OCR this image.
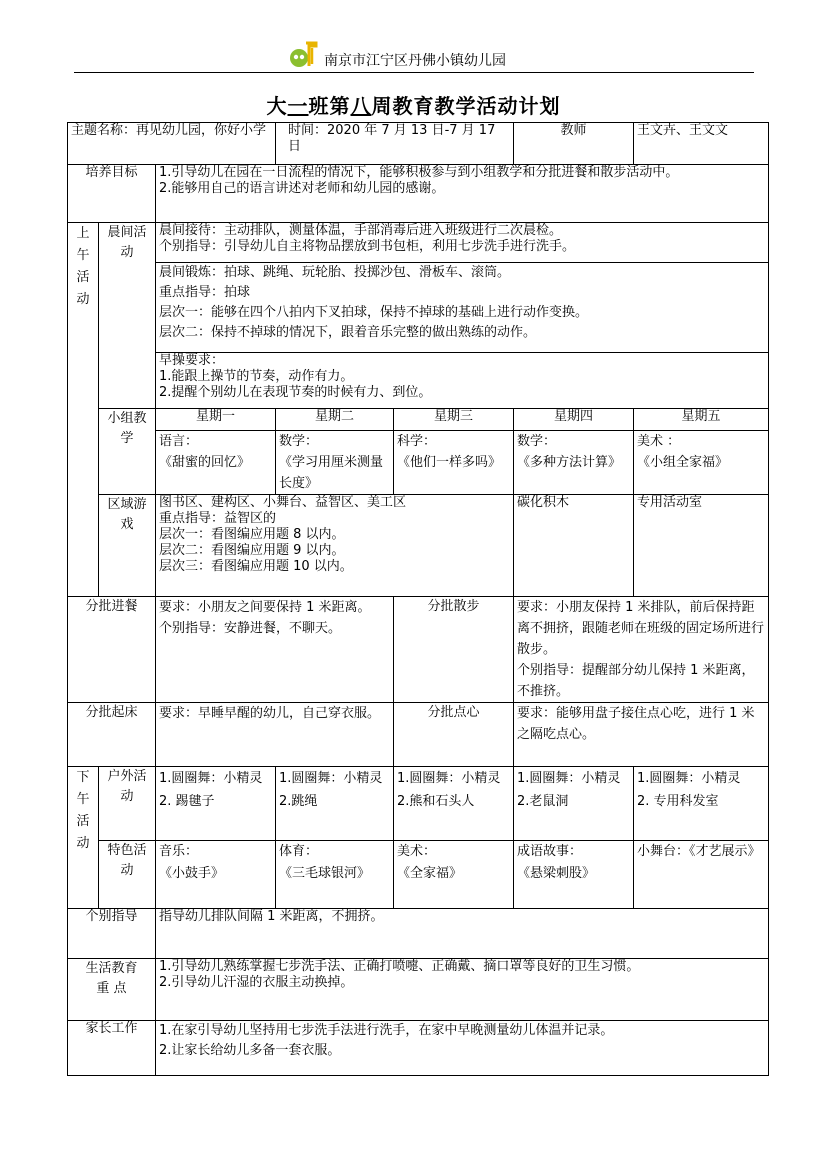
南京市江宁区丹佛小镇幼儿园
大一班第八周教育教学活动计划
主题名称：再见幼儿园，你好小学			时间：2020 年 7 月 13 日-7 月 17 日		教师	王文卉、王文文
培养目标		1.引导幼儿在园在一日流程的情况下，能够积极参与到小组教学和分批进餐和散步活动中。
2.能够用自己的语言讲述对老师和幼儿园的感谢。				

上午活动	晨间活动	晨间接待：主动排队，测量体温，手部消毒后进入班级进行二次晨检。
个别指导：引导幼儿自主将物品摆放到书包柜，利用七步洗手进行洗手。				

		晨间锻炼：拍球、跳绳、玩轮胎、投掷沙包、滑板车、滚筒。
重点指导：拍球
层次一：能够在四个八拍内下叉拍球，保持不掉球的基础上进行动作变换。
层次二：保持不掉球的情况下，跟着音乐完整的做出熟练的动作。				

		早操要求：
1.能跟上操节的节奏，动作有力。
2.提醒个别幼儿在表现节奏的时候有力、到位。				

	小组教学	星期一	星期二	星期三	星期四	星期五

		语言：
《甜蜜的回忆》	数学：
《学习用厘米测量长度》	科学：
《他们一样多吗》	数学：
《多种方法计算》	美术 ：
《小组全家福》

	区域游戏	图书区、建构区、小舞台、益智区、美工区
重点指导：益智区的
层次一：看图编应用题 8 以内。
层次二：看图编应用题 9 以内。
层次三：看图编应用题 10 以内。			碳化积木	专用活动室
分批进餐		要求：小朋友之间要保持 1 米距离。
个别指导：安静进餐，不聊天。		分批散步	要求：小朋友保持 1 米排队，前后保持距离不拥挤，跟随老师在班级的固定场所进行散步。
个别指导：提醒部分幼儿保持 1 米距离，不推挤。	

分批起床		要求：早睡早醒的幼儿，自己穿衣服。		分批点心	要求：能够用盘子接住点心吃，进行 1 米之隔吃点心。	
下午活动	户外活动	1.圆圈舞：小精灵
2. 踢毽子	1.圆圈舞：小精灵
2.跳绳	1.圆圈舞：小精灵
2.熊和石头人	1.圆圈舞：小精灵
2.老鼠洞	1.圆圈舞：小精灵
2. 专用科发室

	特色活动	音乐：
《小鼓手》	体育：
《三毛球银河》	美术：
《全家福》	成语故事：
《悬梁刺股》	小舞台：《才艺展示》

个别指导		指导幼儿排队间隔 1 米距离，不拥挤。				

生活教育
重 点		1.引导幼儿熟练掌握七步洗手法、正确打喷嚏、正确戴、摘口罩等良好的卫生习惯。
2.引导幼儿汗湿的衣服主动换掉。				

家长工作		1.在家引导幼儿坚持用七步洗手法进行洗手，在家中早晚测量幼儿体温并记录。
2.让家长给幼儿多备一套衣服。				
